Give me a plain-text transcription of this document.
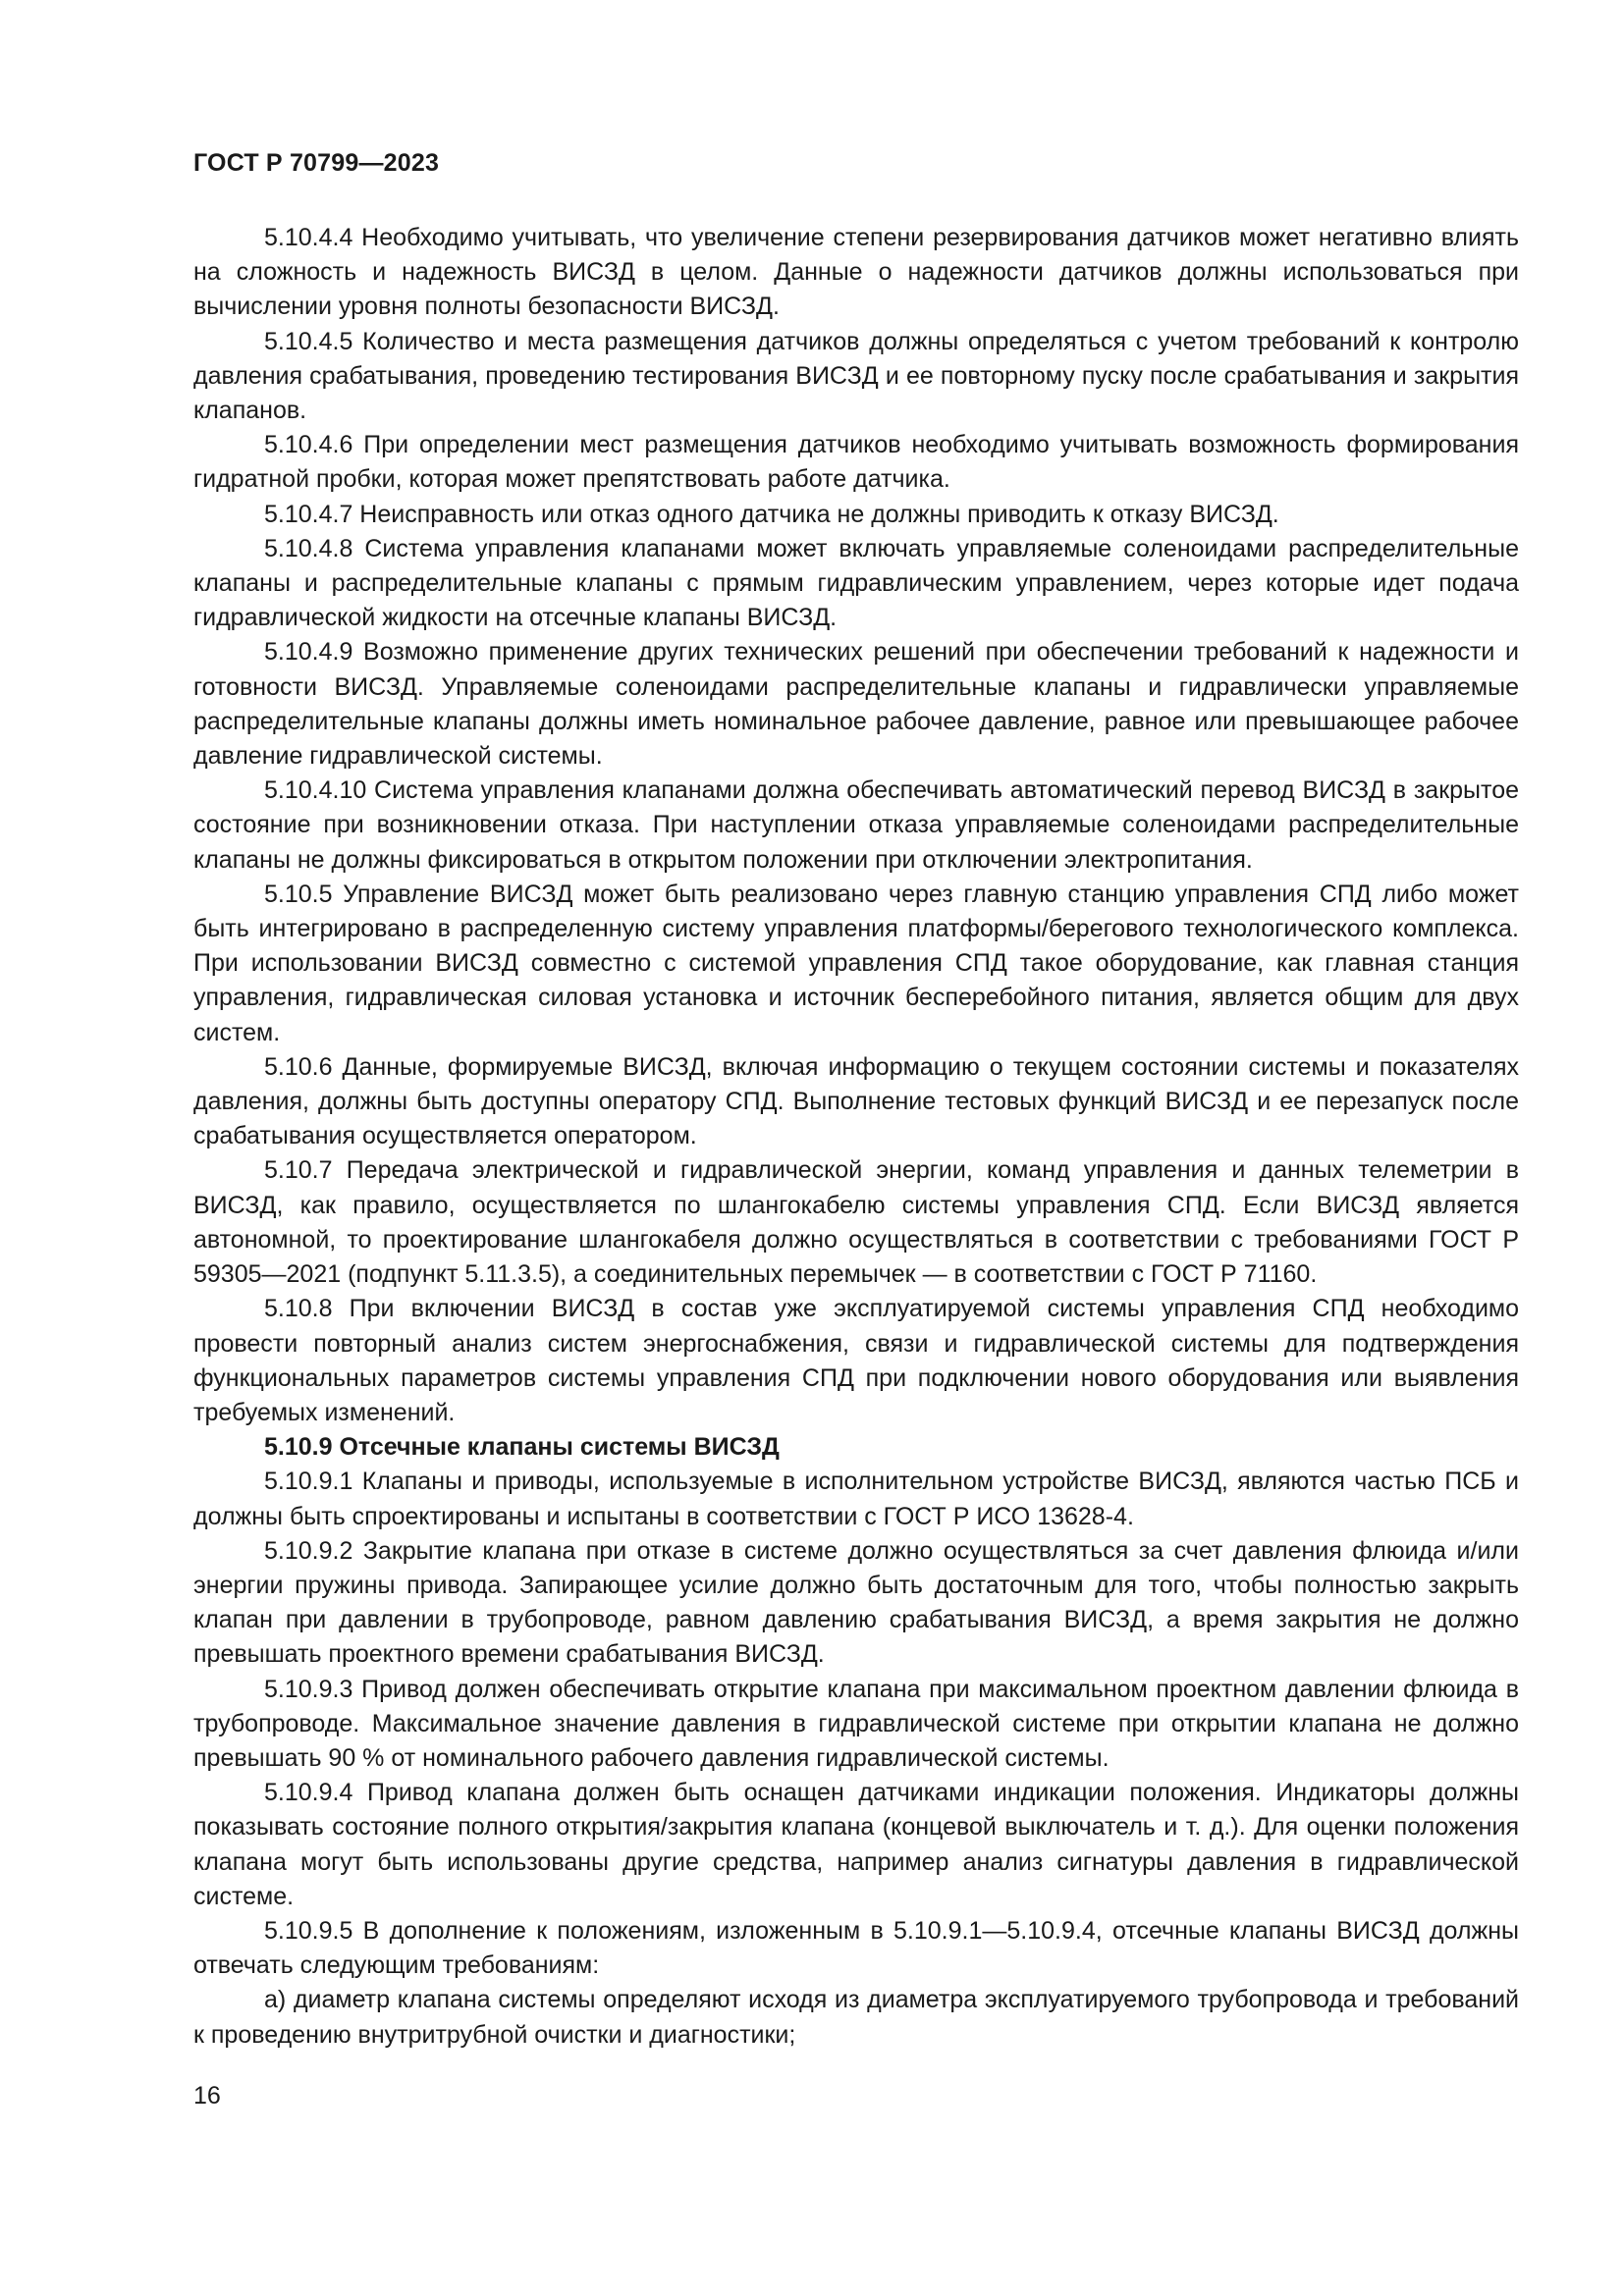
ГОСТ Р 70799—2023

5.10.4.4 Необходимо учитывать, что увеличение степени резервирования датчиков может негативно влиять на сложность и надежность ВИСЗД в целом. Данные о надежности датчиков должны использоваться при вычислении уровня полноты безопасности ВИСЗД.

5.10.4.5 Количество и места размещения датчиков должны определяться с учетом требований к контролю давления срабатывания, проведению тестирования ВИСЗД и ее повторному пуску после срабатывания и закрытия клапанов.

5.10.4.6 При определении мест размещения датчиков необходимо учитывать возможность формирования гидратной пробки, которая может препятствовать работе датчика.

5.10.4.7 Неисправность или отказ одного датчика не должны приводить к отказу ВИСЗД.

5.10.4.8 Система управления клапанами может включать управляемые соленоидами распределительные клапаны и распределительные клапаны с прямым гидравлическим управлением, через которые идет подача гидравлической жидкости на отсечные клапаны ВИСЗД.

5.10.4.9 Возможно применение других технических решений при обеспечении требований к надежности и готовности ВИСЗД. Управляемые соленоидами распределительные клапаны и гидравлически управляемые распределительные клапаны должны иметь номинальное рабочее давление, равное или превышающее рабочее давление гидравлической системы.

5.10.4.10 Система управления клапанами должна обеспечивать автоматический перевод ВИСЗД в закрытое состояние при возникновении отказа. При наступлении отказа управляемые соленоидами распределительные клапаны не должны фиксироваться в открытом положении при отключении электропитания.

5.10.5 Управление ВИСЗД может быть реализовано через главную станцию управления СПД либо может быть интегрировано в распределенную систему управления платформы/берегового технологического комплекса. При использовании ВИСЗД совместно с системой управления СПД такое оборудование, как главная станция управления, гидравлическая силовая установка и источник бесперебойного питания, является общим для двух систем.

5.10.6 Данные, формируемые ВИСЗД, включая информацию о текущем состоянии системы и показателях давления, должны быть доступны оператору СПД. Выполнение тестовых функций ВИСЗД и ее перезапуск после срабатывания осуществляется оператором.

5.10.7 Передача электрической и гидравлической энергии, команд управления и данных телеметрии в ВИСЗД, как правило, осуществляется по шлангокабелю системы управления СПД. Если ВИСЗД является автономной, то проектирование шлангокабеля должно осуществляться в соответствии с требованиями ГОСТ Р 59305—2021 (подпункт 5.11.3.5), а соединительных перемычек — в соответствии с ГОСТ Р 71160.

5.10.8 При включении ВИСЗД в состав уже эксплуатируемой системы управления СПД необходимо провести повторный анализ систем энергоснабжения, связи и гидравлической системы для подтверждения функциональных параметров системы управления СПД при подключении нового оборудования или выявления требуемых изменений.

5.10.9 Отсечные клапаны системы ВИСЗД

5.10.9.1 Клапаны и приводы, используемые в исполнительном устройстве ВИСЗД, являются частью ПСБ и должны быть спроектированы и испытаны в соответствии с ГОСТ Р ИСО 13628-4.

5.10.9.2 Закрытие клапана при отказе в системе должно осуществляться за счет давления флюида и/или энергии пружины привода. Запирающее усилие должно быть достаточным для того, чтобы полностью закрыть клапан при давлении в трубопроводе, равном давлению срабатывания ВИСЗД, а время закрытия не должно превышать проектного времени срабатывания ВИСЗД.

5.10.9.3 Привод должен обеспечивать открытие клапана при максимальном проектном давлении флюида в трубопроводе. Максимальное значение давления в гидравлической системе при открытии клапана не должно превышать 90 % от номинального рабочего давления гидравлической системы.

5.10.9.4 Привод клапана должен быть оснащен датчиками индикации положения. Индикаторы должны показывать состояние полного открытия/закрытия клапана (концевой выключатель и т. д.). Для оценки положения клапана могут быть использованы другие средства, например анализ сигнатуры давления в гидравлической системе.

5.10.9.5 В дополнение к положениям, изложенным в 5.10.9.1—5.10.9.4, отсечные клапаны ВИСЗД должны отвечать следующим требованиям:

а) диаметр клапана системы определяют исходя из диаметра эксплуатируемого трубопровода и требований к проведению внутритрубной очистки и диагностики;

16
